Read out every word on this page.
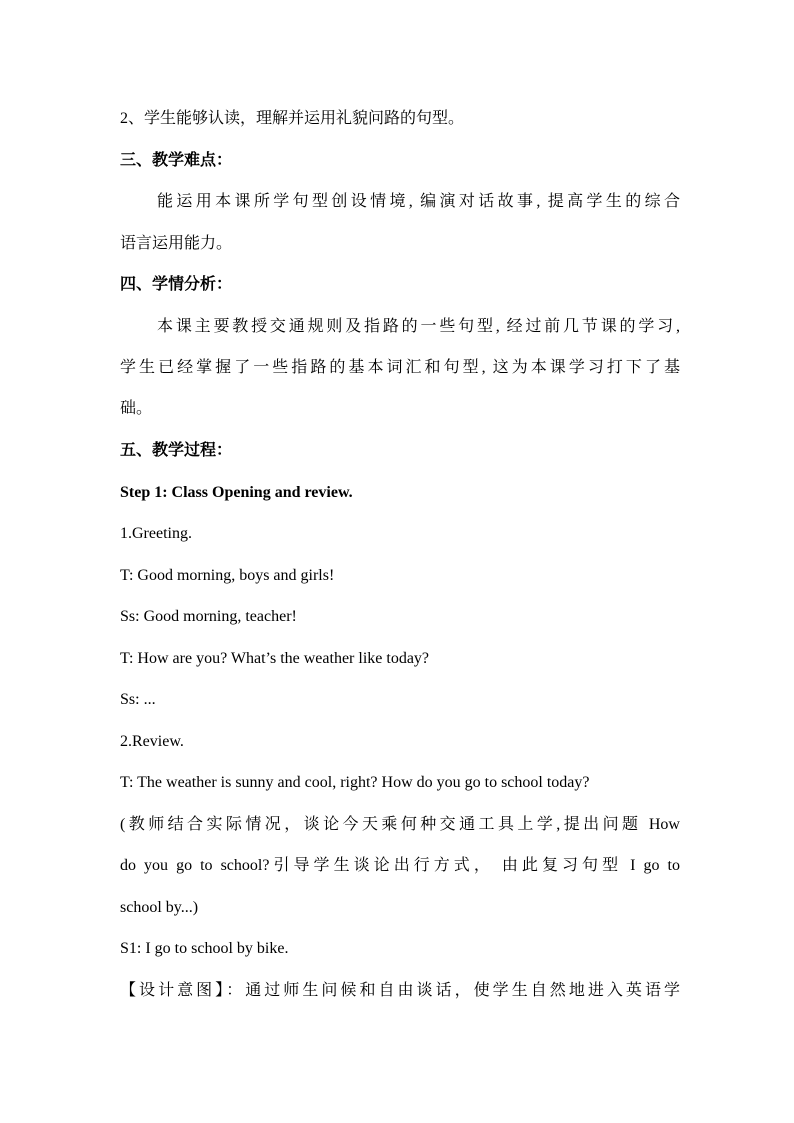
2、学生能够认读，理解并运用礼貌问路的句型。
三、教学难点：
能运用本课所学句型创设情境, 编演对话故事, 提高学生的综合
语言运用能力。
四、学情分析：
本课主要教授交通规则及指路的一些句型, 经过前几节课的学习,
学生已经掌握了一些指路的基本词汇和句型, 这为本课学习打下了基
础。
五、教学过程：
Step 1: Class Opening and review.
1.Greeting.
T: Good morning, boys and girls!
Ss: Good morning, teacher!
T: How are you? What’s the weather like today?
Ss: ...
2.Review.
T: The weather is sunny and cool, right? How do you go to school today?
(教师结合实际情况，谈论今天乘何种交通工具上学,提出问题 How
do you go to school?引导学生谈论出行方式， 由此复习句型 I go to
school by...)
S1: I go to school by bike.
【设计意图】：通过师生问候和自由谈话，使学生自然地进入英语学
